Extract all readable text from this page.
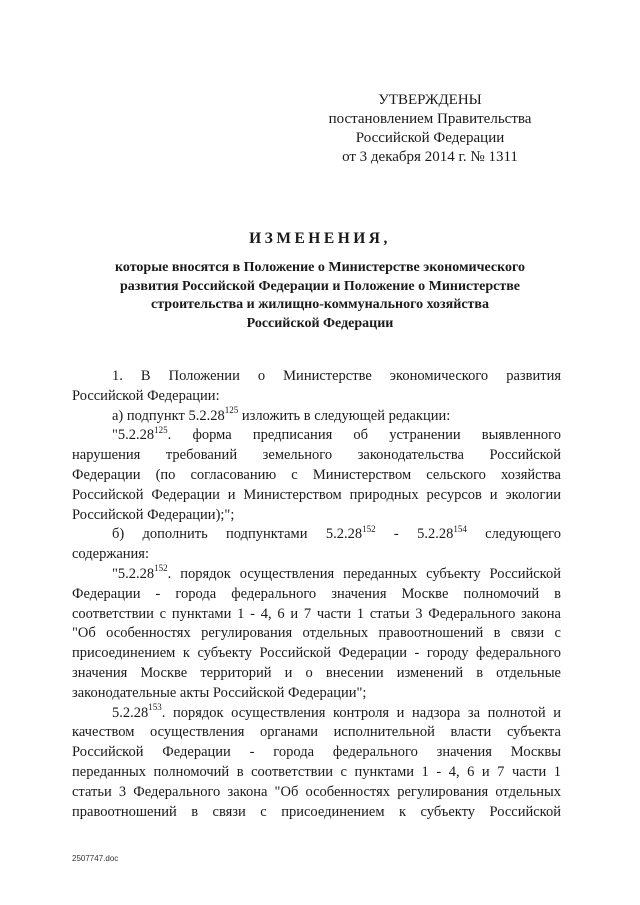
УТВЕРЖДЕНЫ
постановлением Правительства
Российской Федерации
от 3 декабря 2014 г. № 1311
ИЗМЕНЕНИЯ,
которые вносятся в Положение о Министерстве экономического
развития Российской Федерации и Положение о Министерстве
строительства и жилищно-коммунального хозяйства
Российской Федерации
1. В Положении о Министерстве экономического развития
Российской Федерации:
а) подпункт 5.2.28$^{125}$ изложить в следующей редакции:
"5.2.28$^{125}$. форма предписания об устранении выявленного
нарушения требований земельного законодательства Российской
Федерации (по согласованию с Министерством сельского хозяйства
Российской Федерации и Министерством природных ресурсов и экологии
Российской Федерации);";
б) дополнить подпунктами 5.2.28$^{152}$ - 5.2.28$^{154}$ следующего
содержания:
"5.2.28$^{152}$. порядок осуществления переданных субъекту Российской
Федерации - города федерального значения Москве полномочий в
соответствии с пунктами 1 - 4, 6 и 7 части 1 статьи 3 Федерального закона
"Об особенностях регулирования отдельных правоотношений в связи с
присоединением к субъекту Российской Федерации - городу федерального
значения Москве территорий и о внесении изменений в отдельные
законодательные акты Российской Федерации";
5.2.28$^{153}$. порядок осуществления контроля и надзора за полнотой и
качеством осуществления органами исполнительной власти субъекта
Российской Федерации - города федерального значения Москвы
переданных полномочий в соответствии с пунктами 1 - 4, 6 и 7 части 1
статьи 3 Федерального закона "Об особенностях регулирования отдельных
правоотношений в связи с присоединением к субъекту Российской
2507747.doc
